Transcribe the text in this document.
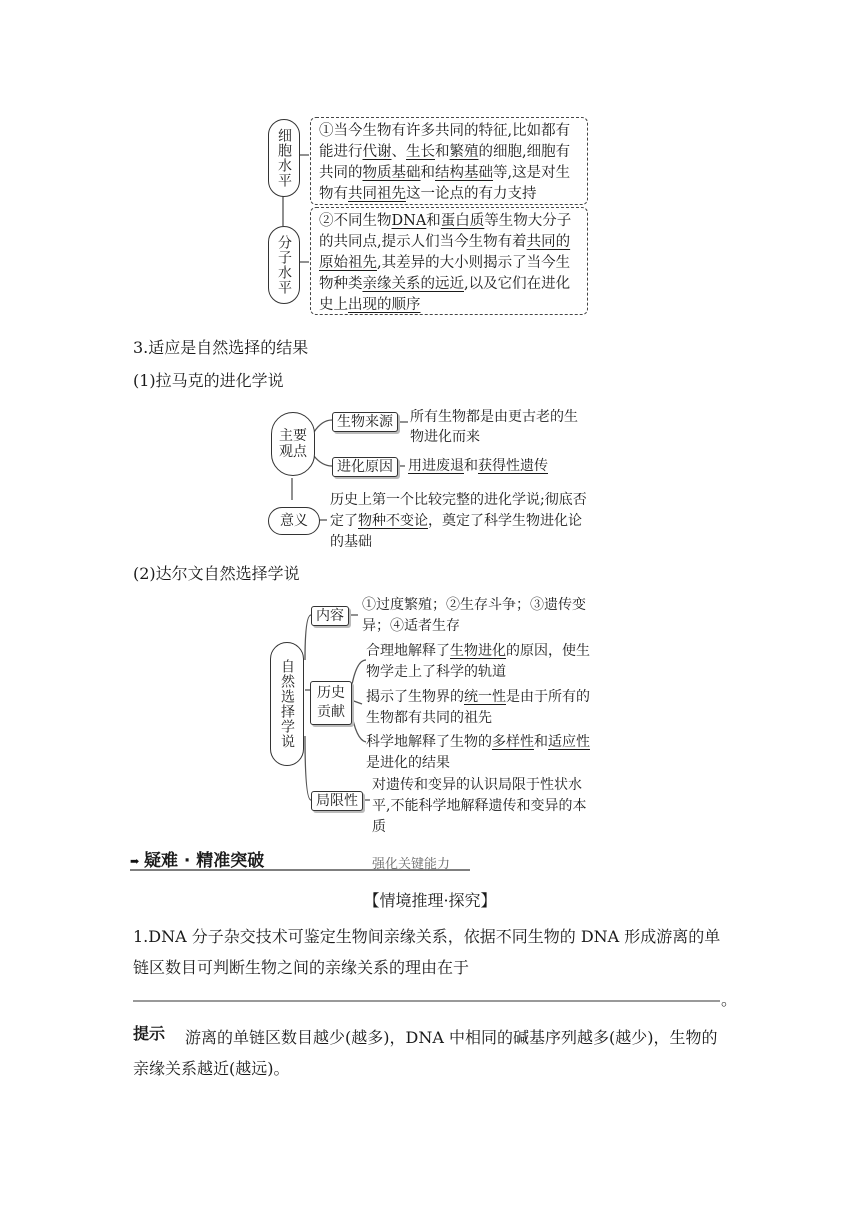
细胞水平	①当今生物有许多共同的特征,比如都有能进行代谢、生长和繁殖的细胞,细胞有共同的物质基础和结构基础等,这是对生物有共同祖先这一论点的有力支持
分子水平
②不同生物DNA和蛋白质等生物大分子的共同点,提示人们当今生物有着共同的原始祖先,其差异的大小则揭示了当今生物种类亲缘关系的远近,以及它们在进化史上出现的顺序
3.适应是自然选择的结果
(1)拉马克的进化学说
主要观点
生物来源	所有生物都是由更古老的生物进化而来
进化原因	用进废退和获得性遗传
意义
历史上第一个比较完整的进化学说;彻底否定了物种不变论，奠定了科学生物进化论的基础
(2)达尔文自然选择学说
自然选择学说
内容
①过度繁殖；②生存斗争；③遗传变异；④适者生存
历史贡献
合理地解释了生物进化的原因，使生物学走上了科学的轨道
揭示了生物界的统一性是由于所有的生物都有共同的祖先
科学地解释了生物的多样性和适应性是进化的结果
局限性
对遗传和变异的认识局限于性状水平,不能科学地解释遗传和变异的本质
➡ 疑难 · 精准突破	强化关键能力
【情境推理·探究】
1.DNA 分子杂交技术可鉴定生物间亲缘关系，依据不同生物的 DNA 形成游离的单链区数目可判断生物之间的亲缘关系的理由在于
。
提示	游离的单链区数目越少(越多)，DNA 中相同的碱基序列越多(越少)，生物的亲缘关系越近(越远)。
